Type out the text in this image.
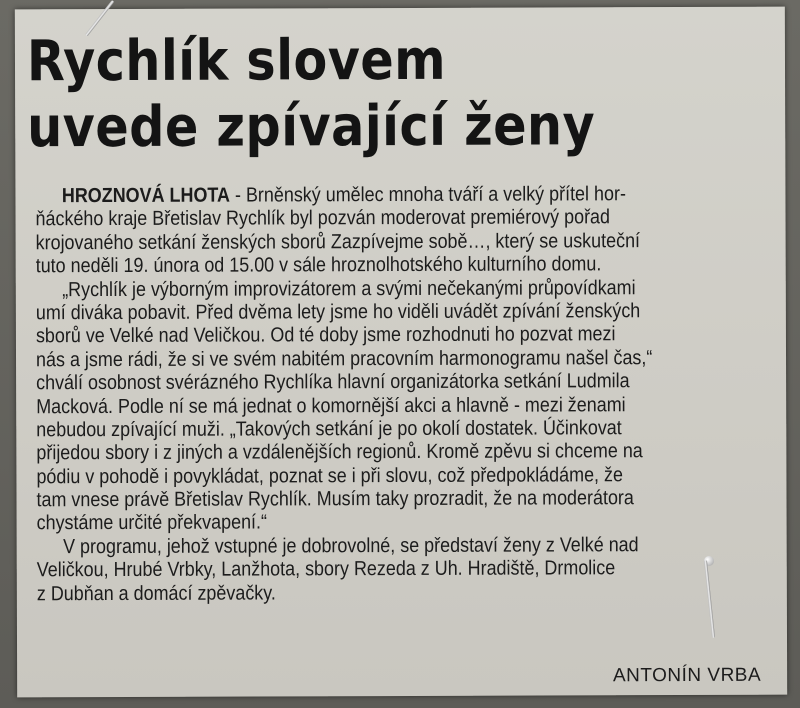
Rychlík slovem
uvede zpívající ženy

HROZNOVÁ LHOTA - Brněnský umělec mnoha tváří a velký přítel hor-
ňáckého kraje Břetislav Rychlík byl pozván moderovat premiérový pořad
krojovaného setkání ženských sborů Zazpívejme sobě…, který se uskuteční
tuto neděli 19. února od 15.00 v sále hroznolhotského kulturního domu.

„Rychlík je výborným improvizátorem a svými nečekanými průpovídkami
umí diváka pobavit. Před dvěma lety jsme ho viděli uvádět zpívání ženských
sborů ve Velké nad Veličkou. Od té doby jsme rozhodnuti ho pozvat mezi
nás a jsme rádi, že si ve svém nabitém pracovním harmonogramu našel čas,“
chválí osobnost svérázného Rychlíka hlavní organizátorka setkání Ludmila
Macková. Podle ní se má jednat o komornější akci a hlavně - mezi ženami
nebudou zpívající muži. „Takových setkání je po okolí dostatek. Účinkovat
přijedou sbory i z jiných a vzdálenějších regionů. Kromě zpěvu si chceme na
pódiu v pohodě i povykládat, poznat se i při slovu, což předpokládáme, že
tam vnese právě Břetislav Rychlík. Musím taky prozradit, že na moderátora
chystáme určité překvapení.“

V programu, jehož vstupné je dobrovolné, se představí ženy z Velké nad
Veličkou, Hrubé Vrbky, Lanžhota, sbory Rezeda z Uh. Hradiště, Drmolice
z Dubňan a domácí zpěvačky.

ANTONÍN VRBA
